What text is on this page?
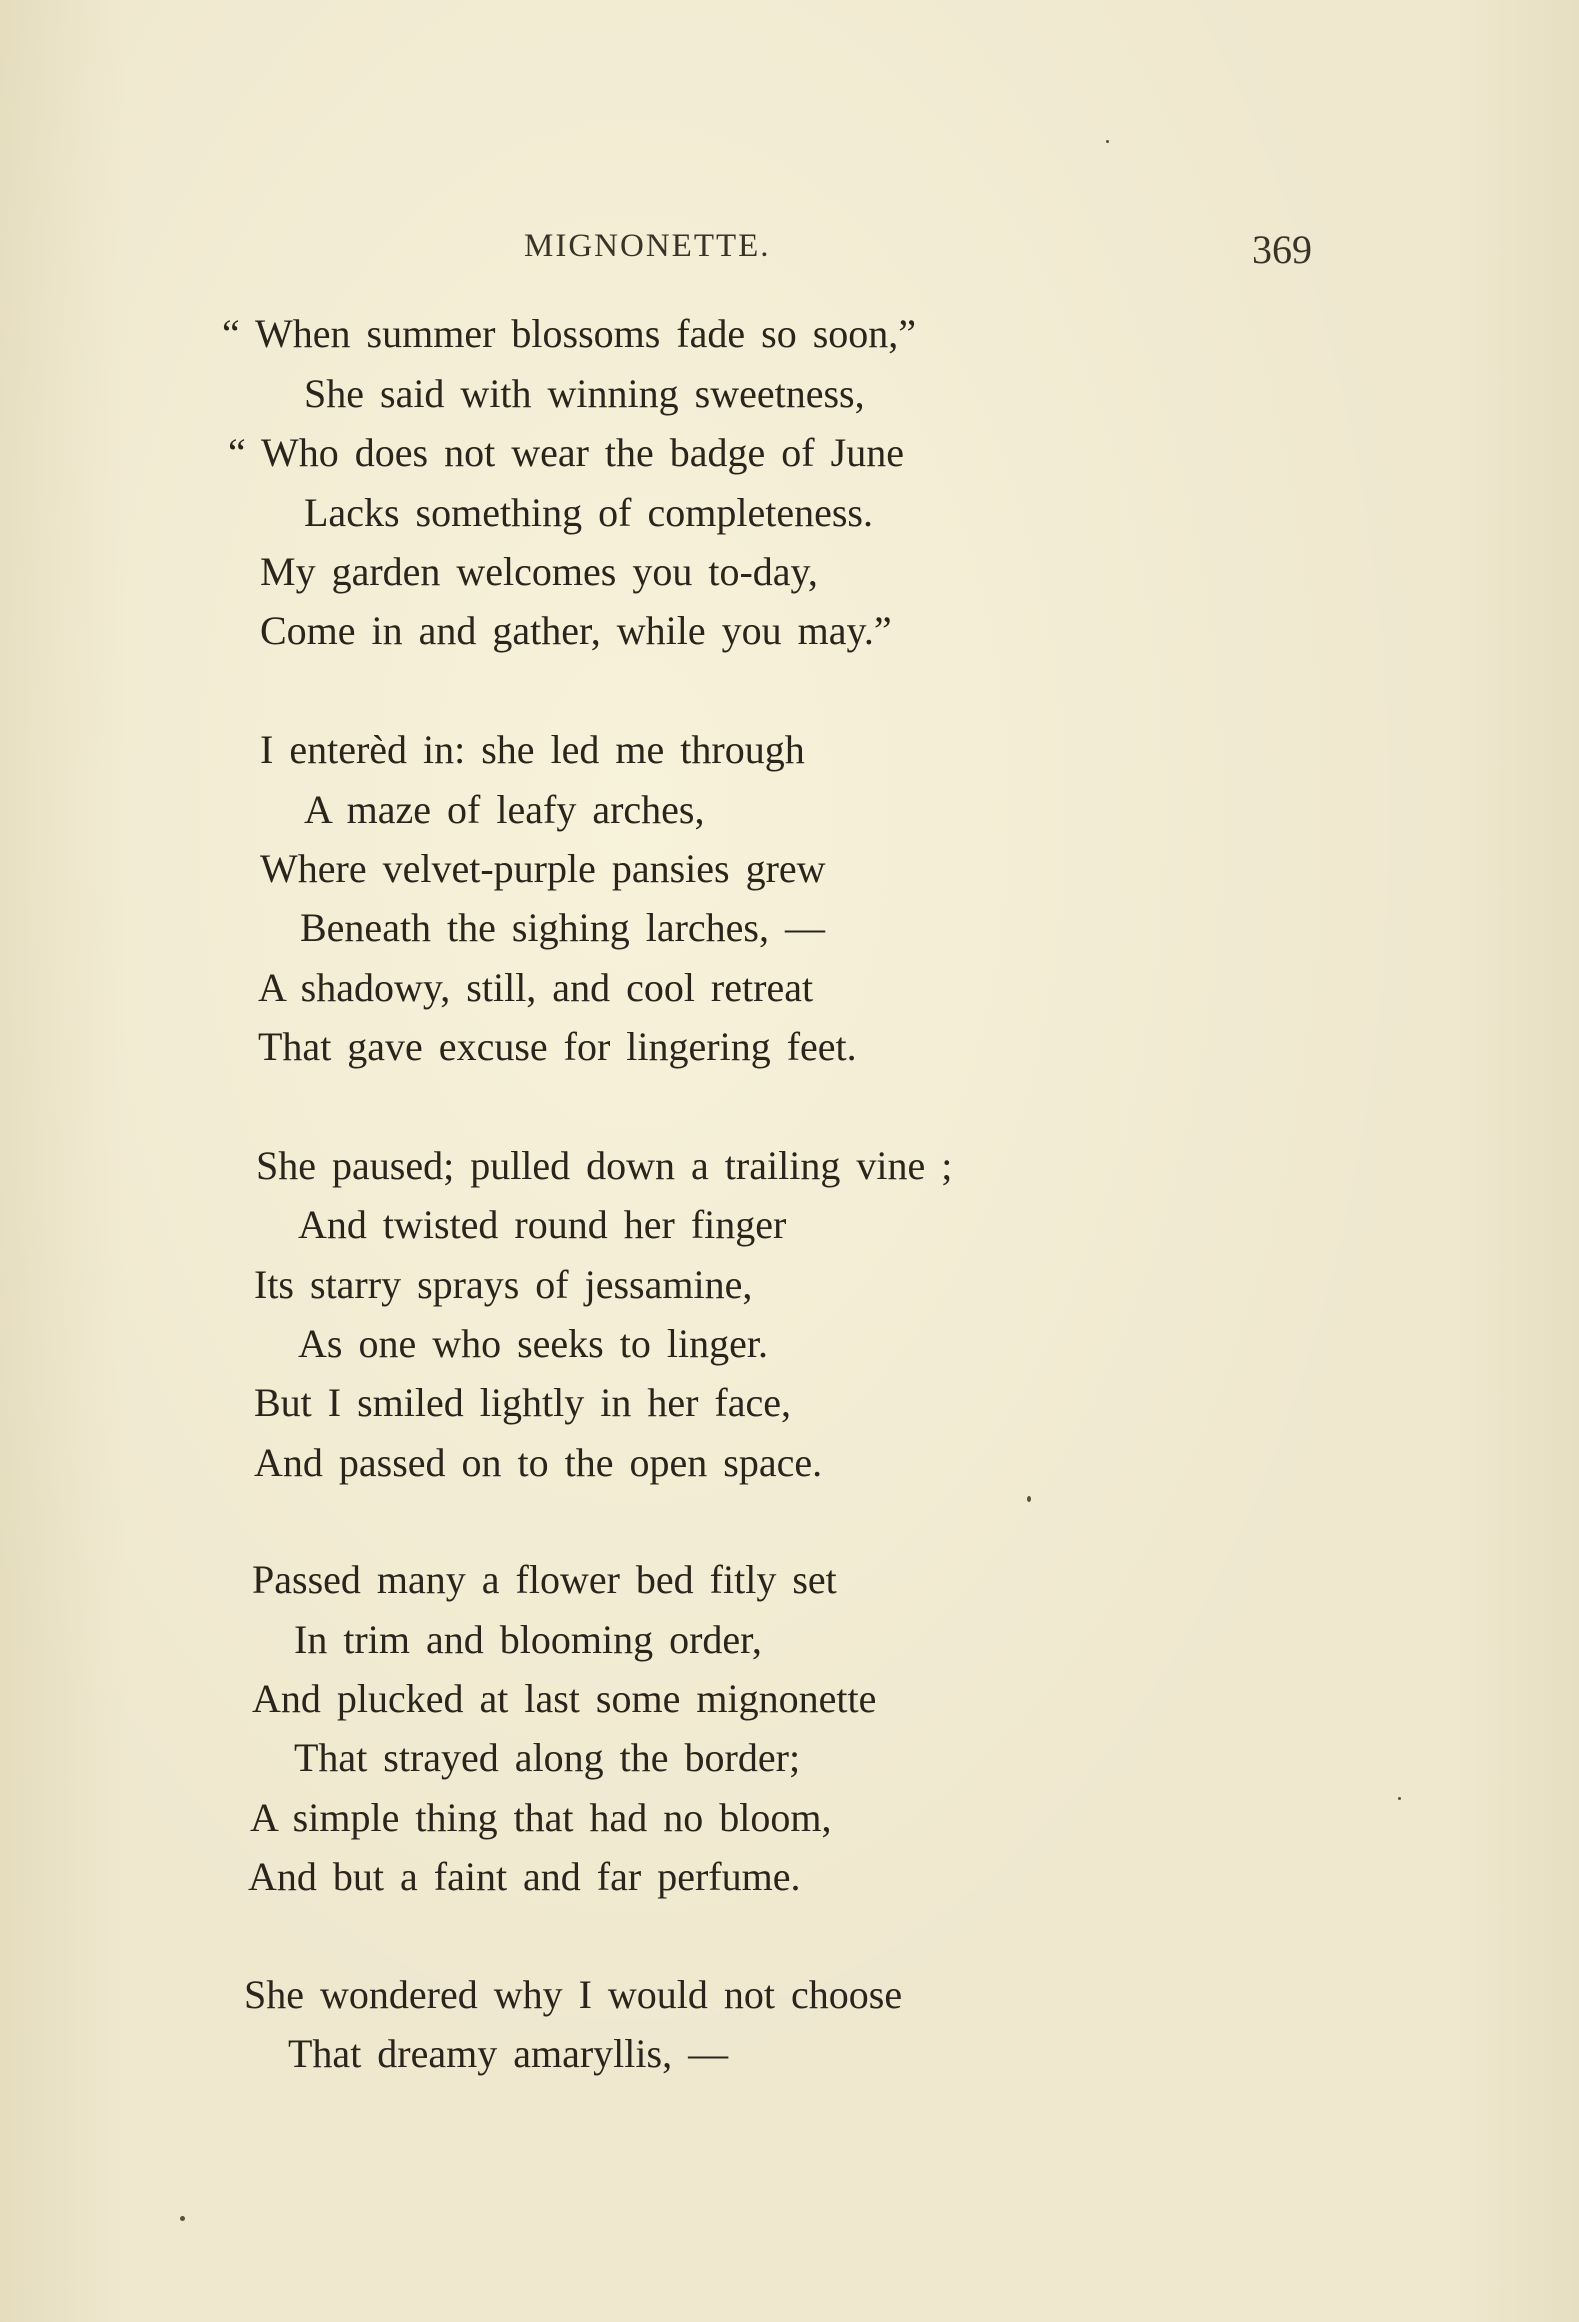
MIGNONETTE.	369
“ When summer blossoms fade so soon,”
She said with winning sweetness,
“ Who does not wear the badge of June
Lacks something of completeness.
My garden welcomes you to-day,
Come in and gather, while you may.”
I enterèd in: she led me through
A maze of leafy arches,
Where velvet-purple pansies grew
Beneath the sighing larches, —
A shadowy, still, and cool retreat
That gave excuse for lingering feet.
She paused; pulled down a trailing vine ;
And twisted round her finger
Its starry sprays of jessamine,
As one who seeks to linger.
But I smiled lightly in her face,
And passed on to the open space.
Passed many a flower bed fitly set
In trim and blooming order,
And plucked at last some mignonette
That strayed along the border;
A simple thing that had no bloom,
And but a faint and far perfume.
She wondered why I would not choose
That dreamy amaryllis, —
